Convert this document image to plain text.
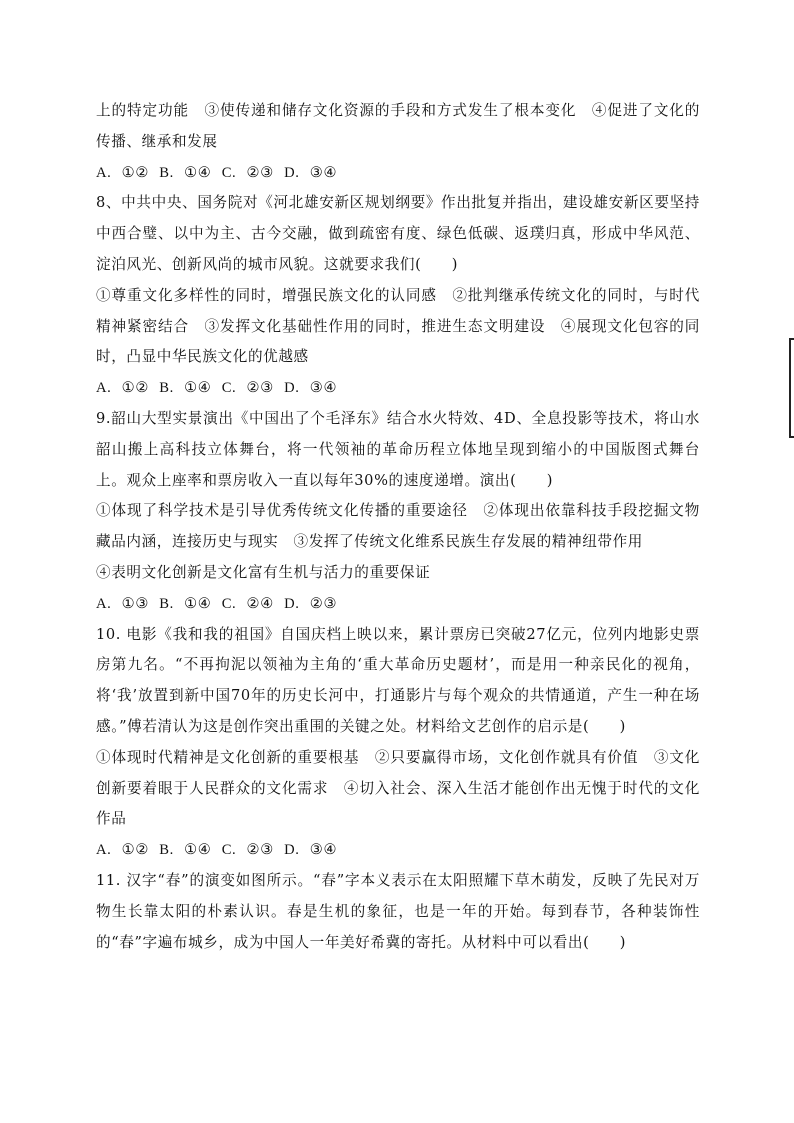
上的特定功能　③使传递和储存文化资源的手段和方式发生了根本变化　④促进了文化的传播、继承和发展

A. ①② B. ①④ C. ②③ D. ③④

8、中共中央、国务院对《河北雄安新区规划纲要》作出批复并指出，建设雄安新区要坚持中西合璧、以中为主、古今交融，做到疏密有度、绿色低碳、返璞归真，形成中华风范、淀泊风光、创新风尚的城市风貌。这就要求我们(　　)

①尊重文化多样性的同时，增强民族文化的认同感　②批判继承传统文化的同时，与时代精神紧密结合　③发挥文化基础性作用的同时，推进生态文明建设　④展现文化包容的同时，凸显中华民族文化的优越感

A. ①② B. ①④ C. ②③ D. ③④

9.韶山大型实景演出《中国出了个毛泽东》结合水火特效、4D、全息投影等技术，将山水韶山搬上高科技立体舞台，将一代领袖的革命历程立体地呈现到缩小的中国版图式舞台上。观众上座率和票房收入一直以每年30%的速度递增。演出(　　)

①体现了科学技术是引导优秀传统文化传播的重要途径　②体现出依靠科技手段挖掘文物藏品内涵，连接历史与现实　③发挥了传统文化维系民族生存发展的精神纽带作用

④表明文化创新是文化富有生机与活力的重要保证

A. ①③ B. ①④ C. ②④ D. ②③

10. 电影《我和我的祖国》自国庆档上映以来，累计票房已突破27亿元，位列内地影史票房第九名。“不再拘泥以领袖为主角的‘重大革命历史题材’，而是用一种亲民化的视角，将‘我’放置到新中国70年的历史长河中，打通影片与每个观众的共情通道，产生一种在场感。”傅若清认为这是创作突出重围的关键之处。材料给文艺创作的启示是(　　)

①体现时代精神是文化创新的重要根基　②只要赢得市场，文化创作就具有价值　③文化创新要着眼于人民群众的文化需求　④切入社会、深入生活才能创作出无愧于时代的文化作品

A. ①② B. ①④ C. ②③ D. ③④

11. 汉字“春”的演变如图所示。“春”字本义表示在太阳照耀下草木萌发，反映了先民对万物生长靠太阳的朴素认识。春是生机的象征，也是一年的开始。每到春节，各种装饰性的“春”字遍布城乡，成为中国人一年美好希冀的寄托。从材料中可以看出(　　)
